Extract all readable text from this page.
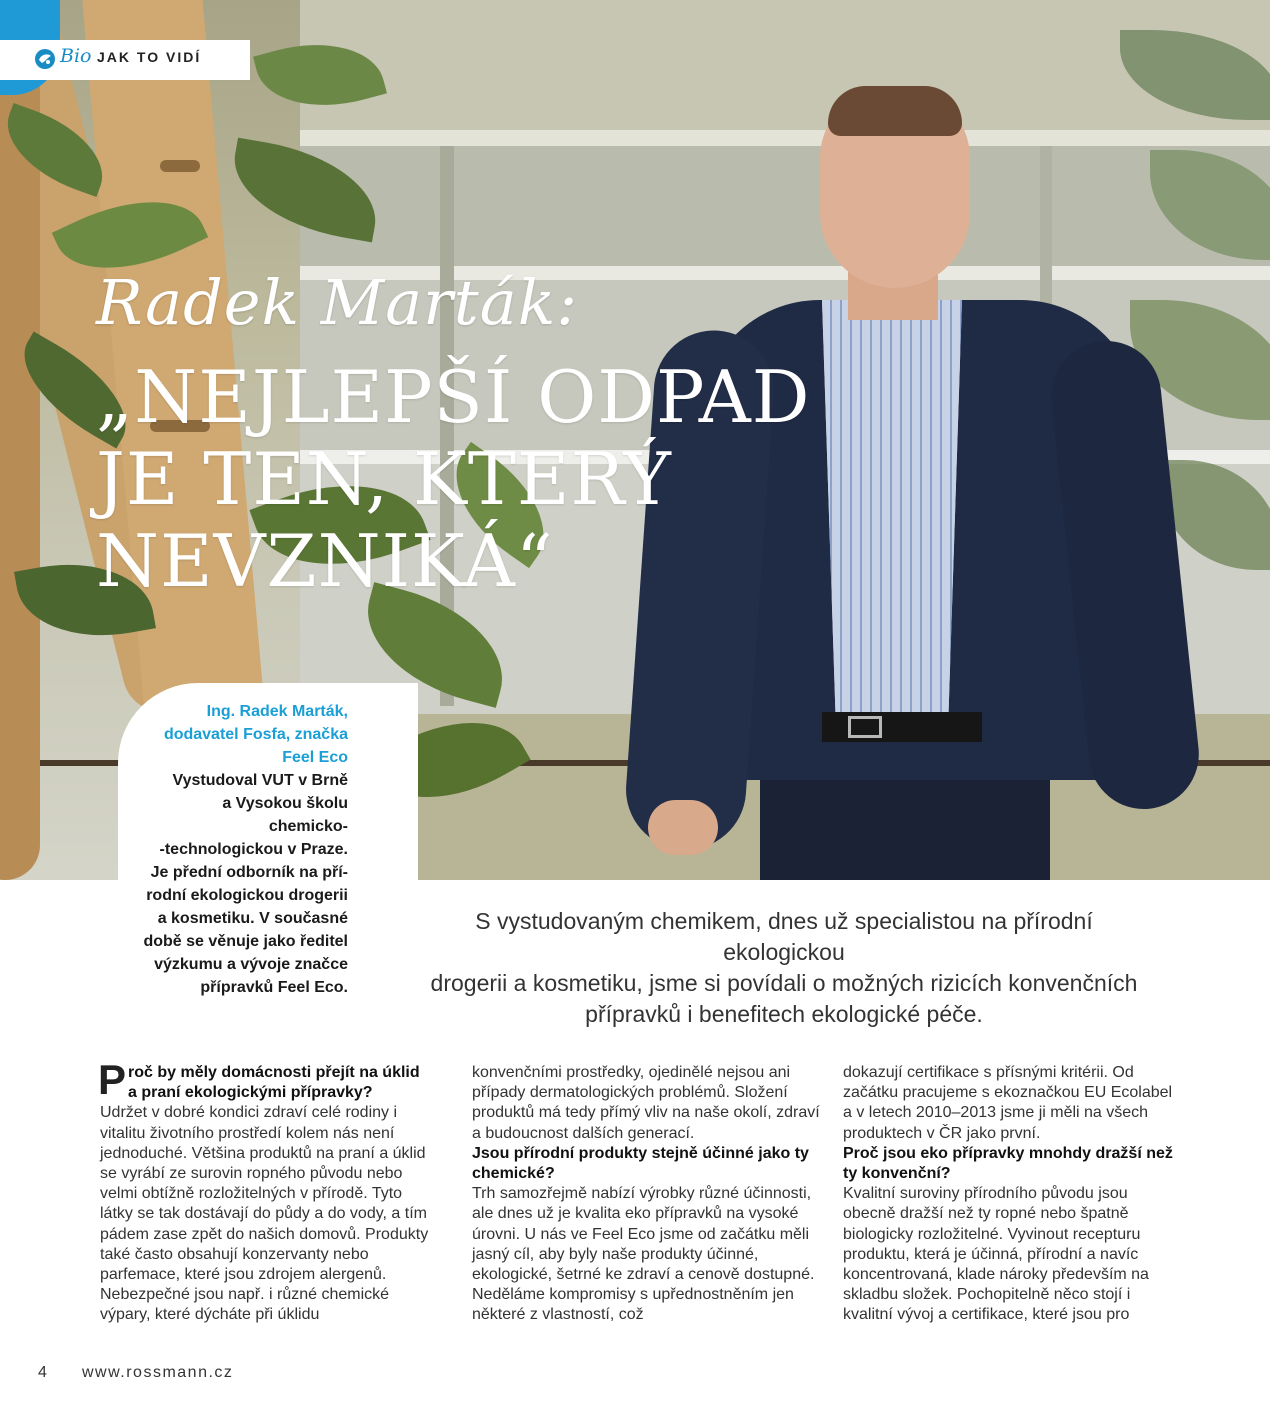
Radek Marták:
„NEJLEPŠÍ ODPAD
JE TEN, KTERÝ
NEVZNIKÁ“
Bio JAK TO VIDÍ
Ing. Radek Marták,
dodavatel Fosfa, značka
Feel Eco
Vystudoval VUT v Brně
a Vysokou školu chemicko-
-technologickou v Praze.
Je přední odborník na pří-
rodní ekologickou drogerii
a kosmetiku. V současné
době se věnuje jako ředitel
výzkumu a vývoje značce
přípravků Feel Eco.
S vystudovaným chemikem, dnes už specialistou na přírodní ekologickou
drogerii a kosmetiku, jsme si povídali o možných rizicích konvenčních
přípravků i benefitech ekologické péče.
Proč by měly domácnosti přejít na úklid a praní ekologickými přípravky?

Udržet v dobré kondici zdraví celé rodiny i vitalitu životního prostředí kolem nás není jednoduché. Většina produktů na praní a úklid se vyrábí ze surovin ropného původu nebo velmi obtížně rozložitelných v přírodě. Tyto látky se tak dostávají do půdy a do vody, a tím pádem zase zpět do našich domovů. Produkty také často obsahují konzervanty nebo parfemace, které jsou zdrojem alergenů. Nebezpečné jsou např. i různé chemické výpary, které dýcháte při úklidu

konvenčními prostředky, ojedinělé nejsou ani případy dermatologických problémů. Složení produktů má tedy přímý vliv na naše okolí, zdraví a budoucnost dalších generací.

Jsou přírodní produkty stejně účinné jako ty chemické?

Trh samozřejmě nabízí výrobky různé účinnosti, ale dnes už je kvalita eko přípravků na vysoké úrovni. U nás ve Feel Eco jsme od začátku měli jasný cíl, aby byly naše produkty účinné, ekologické, šetrné ke zdraví a cenově dostupné. Neděláme kompromisy s upřednostněním jen některé z vlastností, což

dokazují certifikace s přísnými kritérii. Od začátku pracujeme s ekoznačkou EU Ecolabel a v letech 2010–2013 jsme ji měli na všech produktech v ČR jako první.

Proč jsou eko přípravky mnohdy dražší než ty konvenční?

Kvalitní suroviny přírodního původu jsou obecně dražší než ty ropné nebo špatně biologicky rozložitelné. Vyvinout recepturu produktu, která je účinná, přírodní a navíc koncentrovaná, klade nároky především na skladbu složek. Pochopitelně něco stojí i kvalitní vývoj a certifikace, které jsou pro

4 www.rossmann.cz
